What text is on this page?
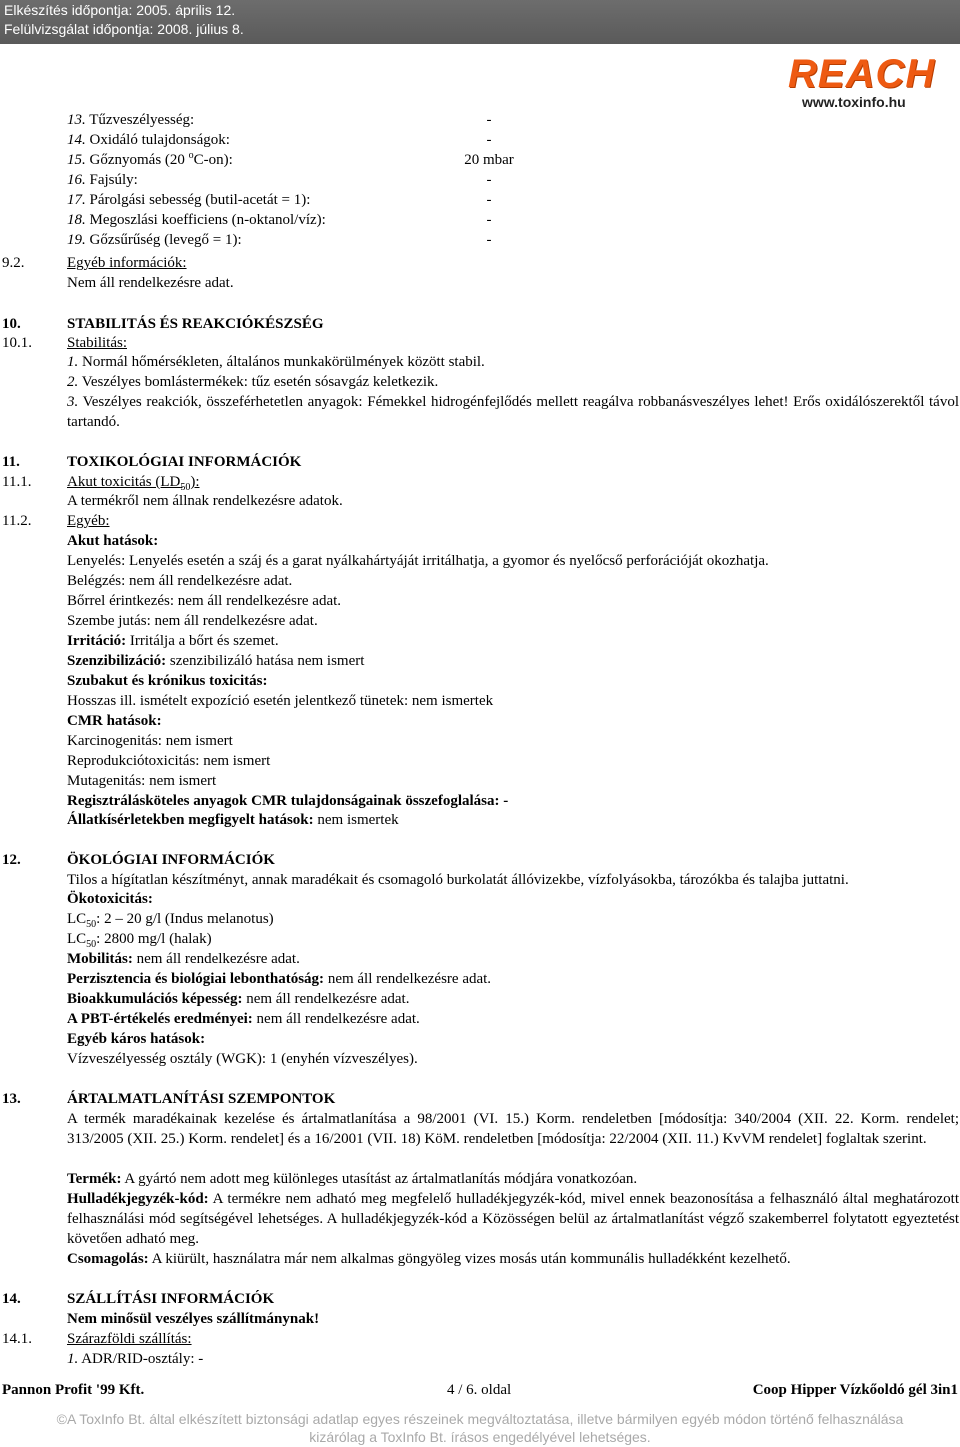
Elkészítés időpontja: 2005. április 12.
Felülvizsgálat időpontja: 2008. július 8.
REACH
www.toxinfo.hu
13. Tűzveszélyesség:	-
14. Oxidáló tulajdonságok:	-
15. Gőznyomás (20 $^o$C-on):	20 mbar
16. Fajsúly:	-
17. Párolgási sebesség (butil-acetát = 1):	-
18. Megoszlási koefficiens (n-oktanol/víz):	-
19. Gőzsűrűség (levegő = 1):	-
9.2.	Egyéb információk:
Nem áll rendelkezésre adat.
10.	STABILITÁS ÉS REAKCIÓKÉSZSÉG
10.1. Stabilitás:
1. Normál hőmérsékleten, általános munkakörülmények között stabil.
2. Veszélyes bomlástermékek: tűz esetén sósavgáz keletkezik.
3. Veszélyes reakciók, összeférhetetlen anyagok: Fémekkel hidrogénfejlődés mellett reagálva robbanásveszélyes lehet! Erős oxidálószerektől távol tartandó.
11.	TOXIKOLÓGIAI INFORMÁCIÓK
11.1. Akut toxicitás $(LD_{50})$:
A termékről nem állnak rendelkezésre adatok.
11.2. Egyéb:
Akut hatások:
Lenyelés: Lenyelés esetén a száj és a garat nyálkahártyáját irritálhatja, a gyomor és nyelőcső perforációját okozhatja.
Belégzés: nem áll rendelkezésre adat.
Bőrrel érintkezés: nem áll rendelkezésre adat.
Szembe jutás: nem áll rendelkezésre adat.
Irritáció: Irritálja a bőrt és szemet.
Szenzibilizáció: szenzibilizáló hatása nem ismert
Szubakut és krónikus toxicitás:
Hosszas ill. ismételt expozíció esetén jelentkező tünetek: nem ismertek
CMR hatások:
Karcinogenitás: nem ismert
Reprodukciótoxicitás: nem ismert
Mutagenitás: nem ismert
Regisztrálásköteles anyagok CMR tulajdonságainak összefoglalása: -
Állatkísérletekben megfigyelt hatások: nem ismertek
12.	ÖKOLÓGIAI INFORMÁCIÓK
Tilos a hígítatlan készítményt, annak maradékait és csomagoló burkolatát állóvizekbe, vízfolyásokba, tározókba és talajba juttatni.
Ökotoxicitás:
$LC_{50}$: 2 – 20 g/l (Indus melanotus)
$LC_{50}$: 2800 mg/l (halak)
Mobilitás: nem áll rendelkezésre adat.
Perzisztencia és biológiai lebonthatóság: nem áll rendelkezésre adat.
Bioakkumulációs képesség: nem áll rendelkezésre adat.
A PBT-értékelés eredményei: nem áll rendelkezésre adat.
Egyéb káros hatások:
Vízveszélyesség osztály (WGK): 1 (enyhén vízveszélyes).
13.	ÁRTALMATLANÍTÁSI SZEMPONTOK
A termék maradékainak kezelése és ártalmatlanítása a 98/2001 (VI. 15.) Korm. rendeletben [módosítja: 340/2004 (XII. 22. Korm. rendelet; 313/2005 (XII. 25.) Korm. rendelet] és a 16/2001 (VII. 18) KöM. rendeletben [módosítja: 22/2004 (XII. 11.) KvVM rendelet] foglaltak szerint.
Termék: A gyártó nem adott meg különleges utasítást az ártalmatlanítás módjára vonatkozóan.
Hulladékjegyzék-kód: A termékre nem adható meg megfelelő hulladékjegyzék-kód, mivel ennek beazonosítása a felhasználó által meghatározott felhasználási mód segítségével lehetséges. A hulladékjegyzék-kód a Közösségen belül az ártalmatlanítást végző szakemberrel folytatott egyeztetést követően adható meg.
Csomagolás: A kiürült, használatra már nem alkalmas göngyöleg vizes mosás után kommunális hulladékként kezelhető.
14.	SZÁLLÍTÁSI INFORMÁCIÓK
Nem minősül veszélyes szállítmánynak!
14.1. Szárazföldi szállítás:
1. ADR/RID-osztály: -
Pannon Profit '99 Kft.	4 / 6. oldal	Coop Hipper Vízkőoldó gél 3in1
©A ToxInfo Bt. által elkészített biztonsági adatlap egyes részeinek megváltoztatása, illetve bármilyen egyéb módon történő felhasználása
kizárólag a ToxInfo Bt. írásos engedélyével lehetséges.
